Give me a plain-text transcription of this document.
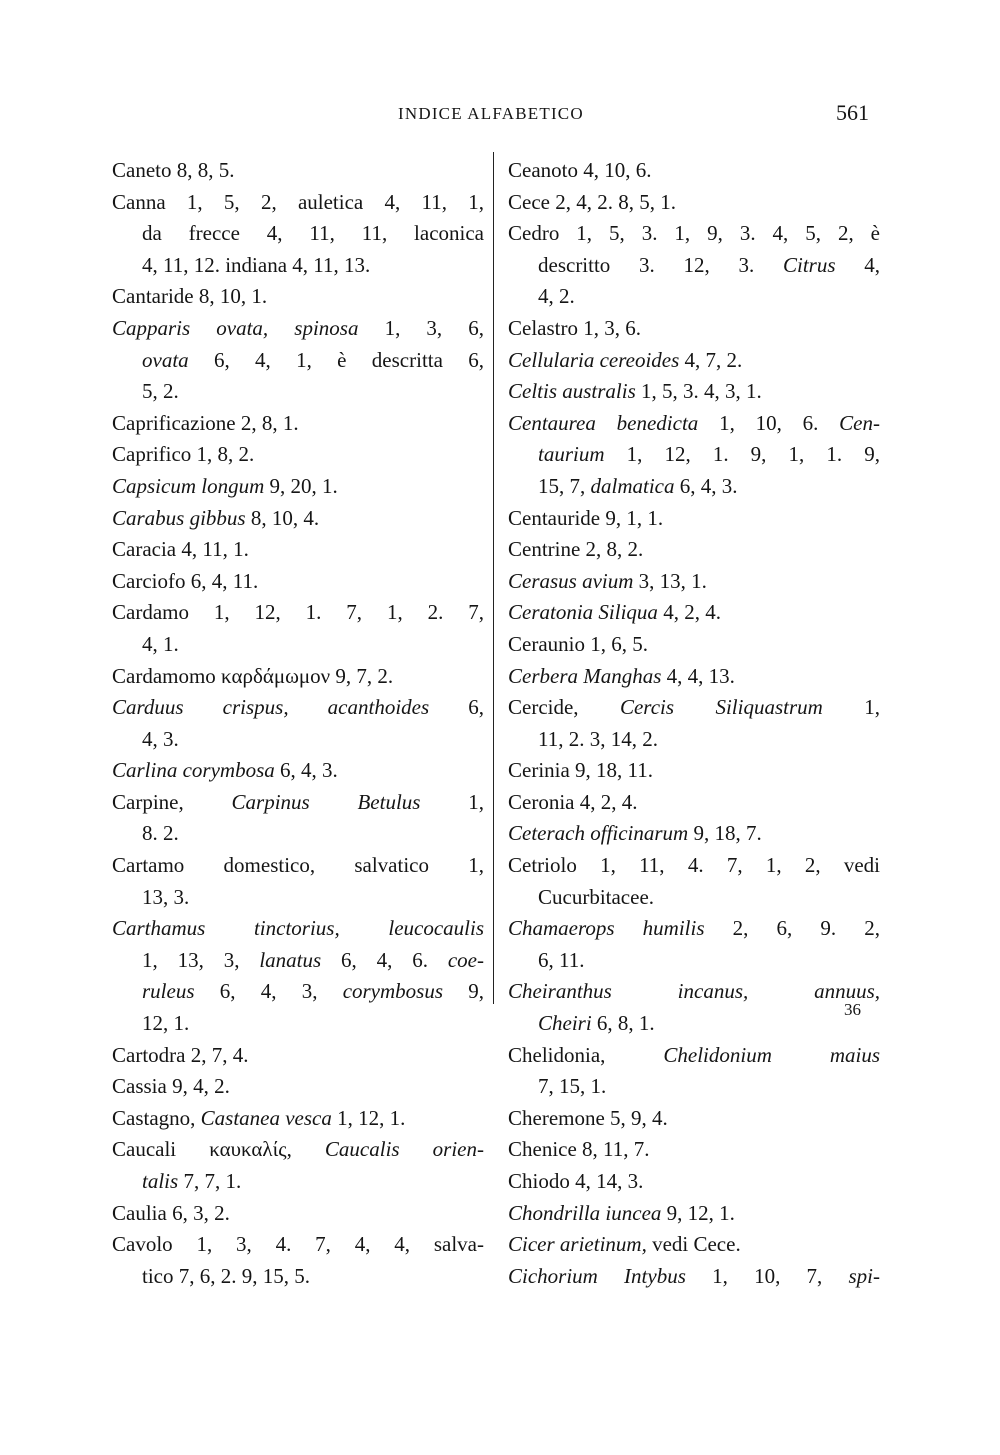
INDICE ALFABETICO	561
Caneto 8, 8, 5.
Canna 1, 5, 2, auletica 4, 11, 1,
da frecce 4, 11, 11, laconica
4, 11, 12. indiana 4, 11, 13.
Cantaride 8, 10, 1.
Capparis ovata, spinosa 1, 3, 6,
ovata 6, 4, 1, è descritta 6,
5, 2.
Caprificazione 2, 8, 1.
Caprifico 1, 8, 2.
Capsicum longum 9, 20, 1.
Carabus gibbus 8, 10, 4.
Caracia 4, 11, 1.
Carciofo 6, 4, 11.
Cardamo 1, 12, 1. 7, 1, 2. 7,
4, 1.
Cardamomo καρδάμωμον 9, 7, 2.
Carduus crispus, acanthoides 6,
4, 3.
Carlina corymbosa 6, 4, 3.
Carpine, Carpinus Betulus 1,
8. 2.
Cartamo domestico, salvatico 1,
13, 3.
Carthamus tinctorius, leucocaulis
1, 13, 3, lanatus 6, 4, 6. coe-
ruleus 6, 4, 3, corymbosus 9,
12, 1.
Cartodra 2, 7, 4.
Cassia 9, 4, 2.
Castagno, Castanea vesca 1, 12, 1.
Caucali καυκαλίς, Caucalis orien-
talis 7, 7, 1.
Caulia 6, 3, 2.
Cavolo 1, 3, 4. 7, 4, 4, salva-
tico 7, 6, 2. 9, 15, 5.
Ceanoto 4, 10, 6.
Cece 2, 4, 2. 8, 5, 1.
Cedro 1, 5, 3. 1, 9, 3. 4, 5, 2, è
descritto 3. 12, 3. Citrus 4,
4, 2.
Celastro 1, 3, 6.
Cellularia cereoides 4, 7, 2.
Celtis australis 1, 5, 3. 4, 3, 1.
Centaurea benedicta 1, 10, 6. Cen-
taurium 1, 12, 1. 9, 1, 1. 9,
15, 7, dalmatica 6, 4, 3.
Centauride 9, 1, 1.
Centrine 2, 8, 2.
Cerasus avium 3, 13, 1.
Ceratonia Siliqua 4, 2, 4.
Ceraunio 1, 6, 5.
Cerbera Manghas 4, 4, 13.
Cercide, Cercis Siliquastrum 1,
11, 2. 3, 14, 2.
Cerinia 9, 18, 11.
Ceronia 4, 2, 4.
Ceterach officinarum 9, 18, 7.
Cetriolo 1, 11, 4. 7, 1, 2, vedi
Cucurbitacee.
Chamaerops humilis 2, 6, 9. 2,
6, 11.
Cheiranthus incanus, annuus,
Cheiri 6, 8, 1.
Chelidonia, Chelidonium maius
7, 15, 1.
Cheremone 5, 9, 4.
Chenice 8, 11, 7.
Chiodo 4, 14, 3.
Chondrilla iuncea 9, 12, 1.
Cicer arietinum, vedi Cece.
Cichorium Intybus 1, 10, 7, spi-
36
